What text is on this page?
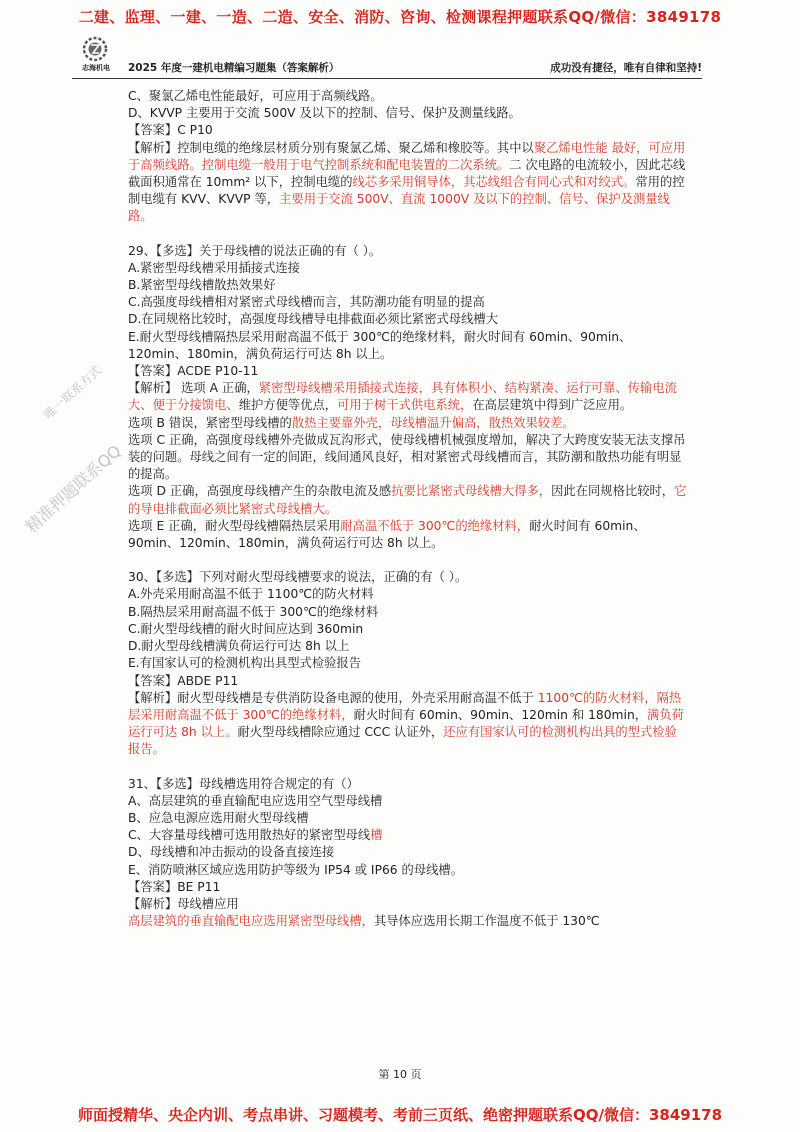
二建、监理、一建、一造、二造、安全、消防、咨询、检测课程押题联系QQ/微信：3849178
志海机电	2025 年度一建机电精编习题集（答案解析）	成功没有捷径，唯有自律和坚持!
唯一联系方式
精准押题联系QQ

C、聚氯乙烯电性能最好，可应用于高频线路。

D、KVVP 主要用于交流 500V 及以下的控制、信号、保护及测量线路。

【答案】C P10

【解析】控制电缆的绝缘层材质分别有聚氯乙烯、聚乙烯和橡胶等。其中以聚乙烯电性能 最好，可应用于高频线路。控制电缆一般用于电气控制系统和配电装置的二次系统。二 次电路的电流较小，因此芯线截面积通常在 10mm² 以下，控制电缆的线芯多采用铜导体，其芯线组合有同心式和对绞式。常用的控制电缆有 KVV、KVVP 等，主要用于交流 500V、直流 1000V 及以下的控制、信号、保护及测量线路。

29、【多选】关于母线槽的说法正确的有（ ）。

A.紧密型母线槽采用插接式连接

B.紧密型母线槽散热效果好

C.高强度母线槽相对紧密式母线槽而言，其防潮功能有明显的提高

D.在同规格比较时，高强度母线槽导电排截面必须比紧密式母线槽大

E.耐火型母线槽隔热层采用耐高温不低于 300℃的绝缘材料，耐火时间有 60min、90min、120min、180min，满负荷运行可达 8h 以上。

【答案】ACDE P10-11

【解析】 选项 A 正确，紧密型母线槽采用插接式连接，具有体积小、结构紧凑、运行可靠、传输电流大、便于分接馈电、维护方便等优点，可用于树干式供电系统，在高层建筑中得到广泛应用。

选项 B 错误，紧密型母线槽的散热主要靠外壳，母线槽温升偏高，散热效果较差。

选项 C 正确，高强度母线槽外壳做成瓦沟形式，使母线槽机械强度增加，解决了大跨度安装无法支撑吊装的问题。母线之间有一定的间距，线间通风良好，相对紧密式母线槽而言，其防潮和散热功能有明显的提高。

选项 D 正确，高强度母线槽产生的杂散电流及感抗要比紧密式母线槽大得多，因此在同规格比较时，它的导电排截面必须比紧密式母线槽大。

选项 E 正确，耐火型母线槽隔热层采用耐高温不低于 300℃的绝缘材料，耐火时间有 60min、90min、120min、180min，满负荷运行可达 8h 以上。

30、【多选】下列对耐火型母线槽要求的说法，正确的有（ ）。

A.外壳采用耐高温不低于 1100℃的防火材料

B.隔热层采用耐高温不低于 300℃的绝缘材料

C.耐火型母线槽的耐火时间应达到 360min

D.耐火型母线槽满负荷运行可达 8h 以上

E.有国家认可的检测机构出具型式检验报告

【答案】ABDE P11

【解析】耐火型母线槽是专供消防设备电源的使用，外壳采用耐高温不低于 1100℃的防火材料，隔热层采用耐高温不低于 300℃的绝缘材料，耐火时间有 60min、90min、120min 和 180min，满负荷运行可达 8h 以上。耐火型母线槽除应通过 CCC 认证外，还应有国家认可的检测机构出具的型式检验报告。

31、【多选】母线槽选用符合规定的有（）

A、高层建筑的垂直输配电应选用空气型母线槽

B、应急电源应选用耐火型母线槽

C、大容量母线槽可选用散热好的紧密型母线槽

D、母线槽和冲击振动的设备直接连接

E、消防喷淋区域应选用防护等级为 IP54 或 IP66 的母线槽。

【答案】BE P11

【解析】母线槽应用

高层建筑的垂直输配电应选用紧密型母线槽，其导体应选用长期工作温度不低于 130℃

第 10 页
师面授精华、央企内训、考点串讲、习题模考、考前三页纸、绝密押题联系QQ/微信：3849178
